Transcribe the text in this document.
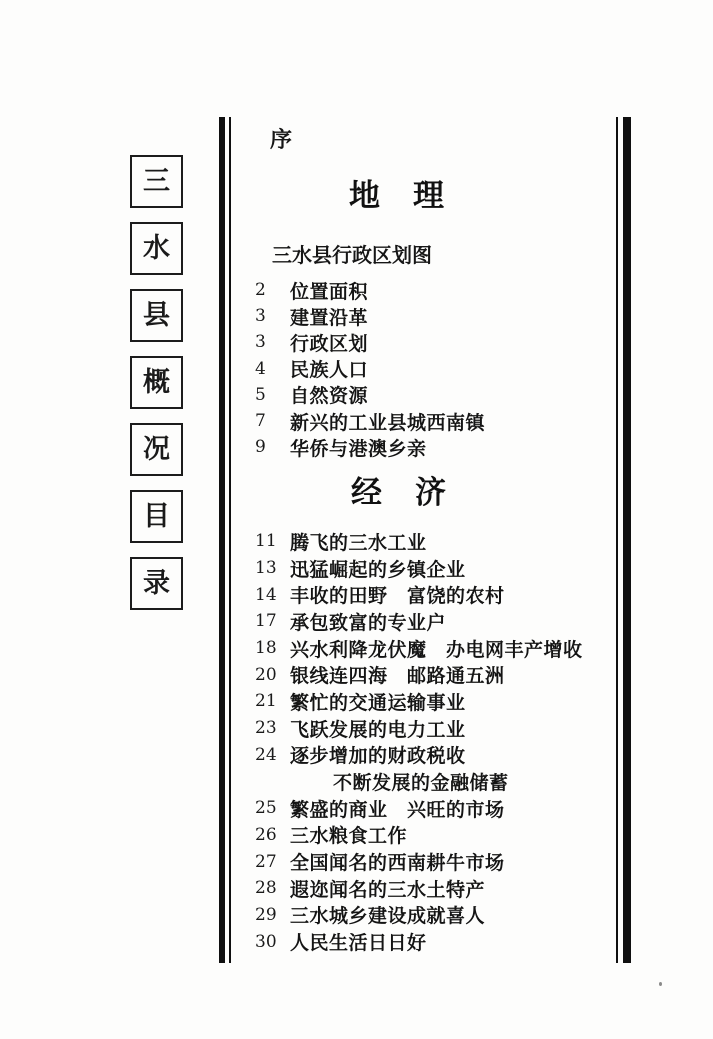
三
水
县
概
况
目
录
序
地　理
三水县行政区划图
2	位置面积
3	建置沿革
3	行政区划
4	民族人口
5	自然资源
7	新兴的工业县城西南镇
9	华侨与港澳乡亲
经　济
11 腾飞的三水工业
13 迅猛崛起的乡镇企业
14 丰收的田野　富饶的农村
17 承包致富的专业户
18 兴水利降龙伏魔　办电网丰产增收
20 银线连四海　邮路通五洲
21 繁忙的交通运输事业
23 飞跃发展的电力工业
24 逐步增加的财政税收
不断发展的金融储蓄
25 繁盛的商业　兴旺的市场
26 三水粮食工作
27 全国闻名的西南耕牛市场
28 遐迩闻名的三水土特产
29 三水城乡建设成就喜人
30 人民生活日日好
